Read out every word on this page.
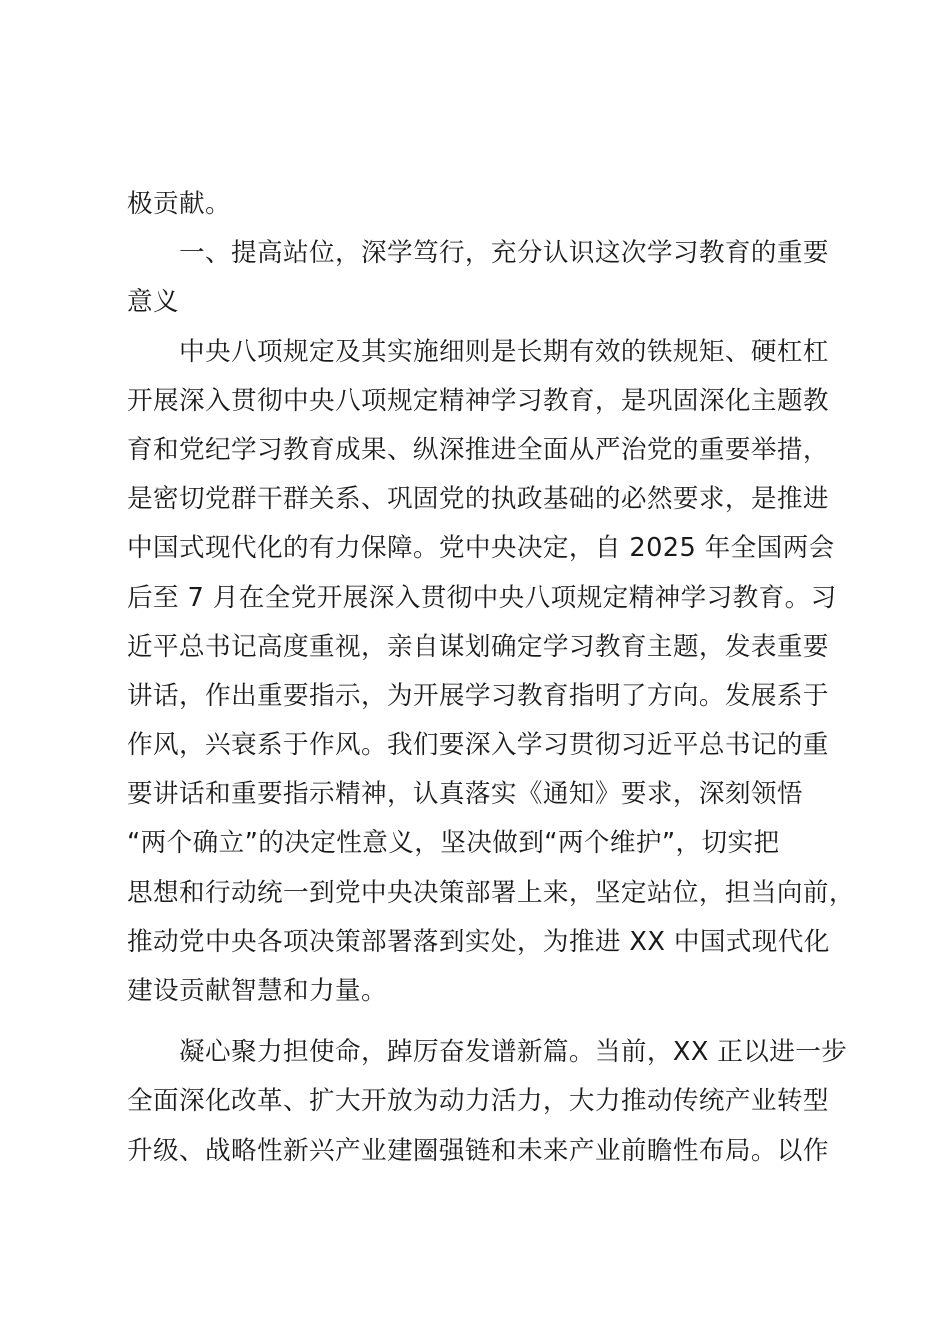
极贡献。
一、提高站位，深学笃行，充分认识这次学习教育的重要
意义
中央八项规定及其实施细则是长期有效的铁规矩、硬杠杠
开展深入贯彻中央八项规定精神学习教育，是巩固深化主题教
育和党纪学习教育成果、纵深推进全面从严治党的重要举措，
是密切党群干群关系、巩固党的执政基础的必然要求，是推进
中国式现代化的有力保障。党中央决定，自 2025 年全国两会
后至 7 月在全党开展深入贯彻中央八项规定精神学习教育。习
近平总书记高度重视，亲自谋划确定学习教育主题，发表重要
讲话，作出重要指示，为开展学习教育指明了方向。发展系于
作风，兴衰系于作风。我们要深入学习贯彻习近平总书记的重
要讲话和重要指示精神，认真落实《通知》要求，深刻领悟
“两个确立”的决定性意义，坚决做到“两个维护”，切实把
思想和行动统一到党中央决策部署上来，坚定站位，担当向前，
推动党中央各项决策部署落到实处，为推进 XX 中国式现代化
建设贡献智慧和力量。
凝心聚力担使命，踔厉奋发谱新篇。当前，XX 正以进一步
全面深化改革、扩大开放为动力活力，大力推动传统产业转型
升级、战略性新兴产业建圈强链和未来产业前瞻性布局。以作
